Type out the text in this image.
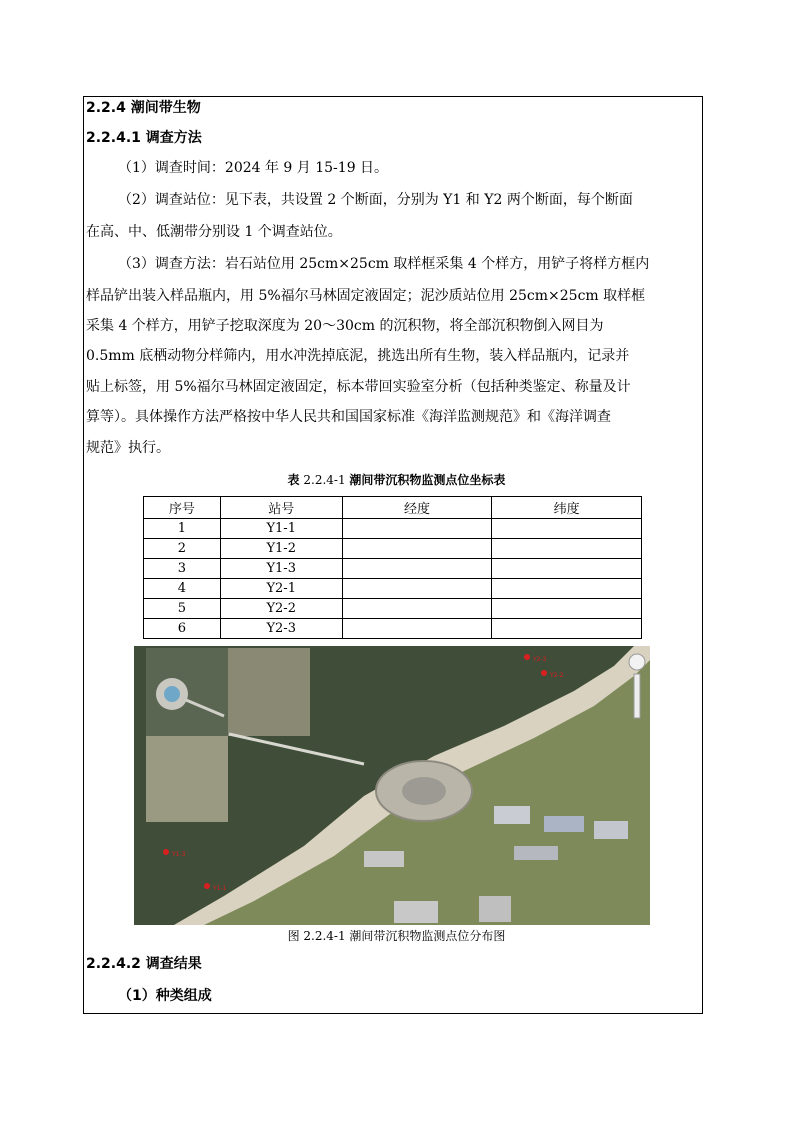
2.2.4 潮间带生物
2.2.4.1 调查方法
（1）调查时间：2024 年 9 月 15-19 日。
（2）调查站位：见下表，共设置 2 个断面，分别为 Y1 和 Y2 两个断面，每个断面
在高、中、低潮带分别设 1 个调查站位。
（3）调查方法：岩石站位用 25cm×25cm 取样框采集 4 个样方，用铲子将样方框内
样品铲出装入样品瓶内，用 5%福尔马林固定液固定；泥沙质站位用 25cm×25cm 取样框
采集 4 个样方，用铲子挖取深度为 20～30cm 的沉积物，将全部沉积物倒入网目为
0.5mm 底栖动物分样筛内，用水冲洗掉底泥，挑选出所有生物，装入样品瓶内，记录并
贴上标签，用 5%福尔马林固定液固定，标本带回实验室分析（包括种类鉴定、称量及计
算等）。具体操作方法严格按中华人民共和国国家标准《海洋监测规范》和《海洋调查
规范》执行。
表 2.2.4-1 潮间带沉积物监测点位坐标表
序号	站号	经度	纬度
1	Y1-1		
2	Y1-2		
3	Y1-3		
4	Y2-1		
5	Y2-2		
6	Y2-3		
Y2-3
Y2-2
Y1-3
Y1-1
图 2.2.4-1 潮间带沉积物监测点位分布图
2.2.4.2 调查结果
（1）种类组成
